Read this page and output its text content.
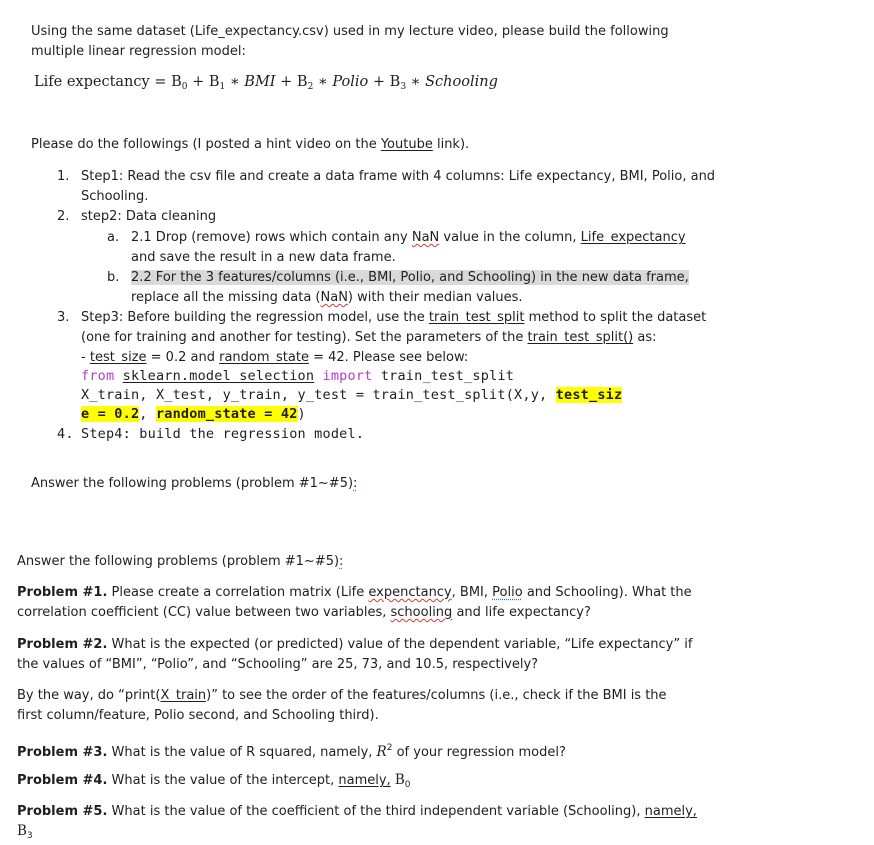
Using the same dataset (Life_expectancy.csv) used in my lecture video, please build the following
multiple linear regression model:
Life expectancy = $B_0 + B_1$ ∗ BMI + $B_2$ ∗ Polio + $B_3$ ∗ Schooling
Please do the followings (I posted a hint video on the Youtube link).
1. Step1: Read the csv file and create a data frame with 4 columns: Life expectancy, BMI, Polio, and
Schooling.
2. step2: Data cleaning
a. 2.1 Drop (remove) rows which contain any NaN value in the column, Life_expectancy
and save the result in a new data frame.
b. 2.2 For the 3 features/columns (i.e., BMI, Polio, and Schooling) in the new data frame,
replace all the missing data (NaN) with their median values.
3. Step3: Before building the regression model, use the train_test_split method to split the dataset
(one for training and another for testing). Set the parameters of the train_test_split() as:
- test_size = 0.2 and random_state = 42. Please see below:
from sklearn.model_selection import train_test_split
X_train, X_test, y_train, y_test = train_test_split(X,y, test_siz
e = 0.2, random_state = 42)
4. Step4: build the regression model.
Answer the following problems (problem #1~#5):
Answer the following problems (problem #1~#5):
Problem #1. Please create a correlation matrix (Life expenctancy, BMI, Polio and Schooling). What the
correlation coefficient (CC) value between two variables, schooling and life expectancy?
Problem #2. What is the expected (or predicted) value of the dependent variable, “Life expectancy” if
the values of “BMI”, “Polio”, and “Schooling” are 25, 73, and 10.5, respectively?
By the way, do “print(X_train)” to see the order of the features/columns (i.e., check if the BMI is the
first column/feature, Polio second, and Schooling third).
Problem #3. What is the value of R squared, namely, $R^2$ of your regression model?
Problem #4. What is the value of the intercept, namely, $B_0$
Problem #5. What is the value of the coefficient of the third independent variable (Schooling), namely,
$B_3$
